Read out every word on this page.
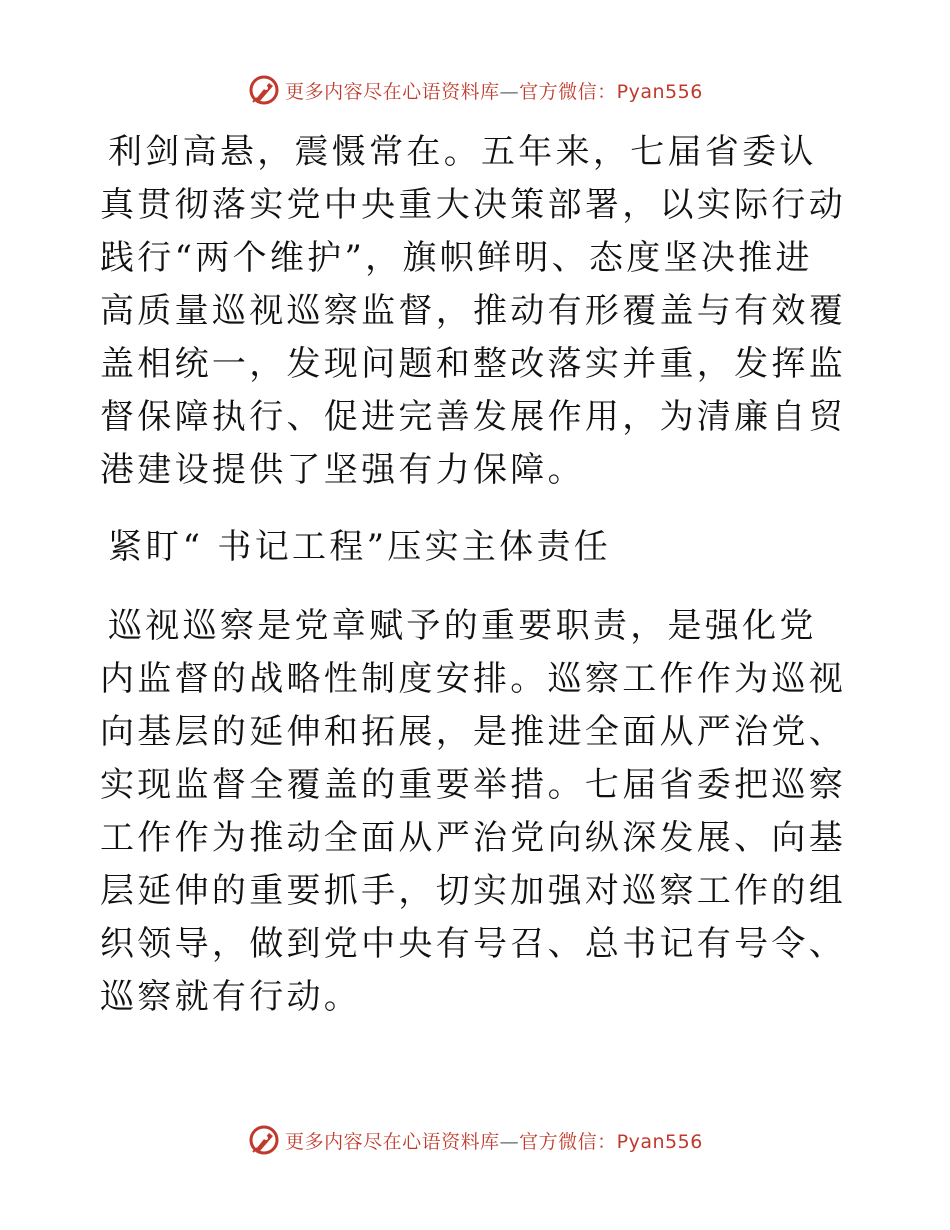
更多内容尽在心语资料库—官方微信：Pyan556

利剑高悬，震慑常在。五年来，七届省委认真贯彻落实党中央重大决策部署，以实际行动践行“两个维护”，旗帜鲜明、态度坚决推进高质量巡视巡察监督，推动有形覆盖与有效覆盖相统一，发现问题和整改落实并重，发挥监督保障执行、促进完善发展作用，为清廉自贸港建设提供了坚强有力保障。

紧盯“ 书记工程”压实主体责任

巡视巡察是党章赋予的重要职责，是强化党内监督的战略性制度安排。巡察工作作为巡视向基层的延伸和拓展，是推进全面从严治党、实现监督全覆盖的重要举措。七届省委把巡察工作作为推动全面从严治党向纵深发展、向基层延伸的重要抓手，切实加强对巡察工作的组织领导，做到党中央有号召、总书记有号令、巡察就有行动。

更多内容尽在心语资料库—官方微信：Pyan556
